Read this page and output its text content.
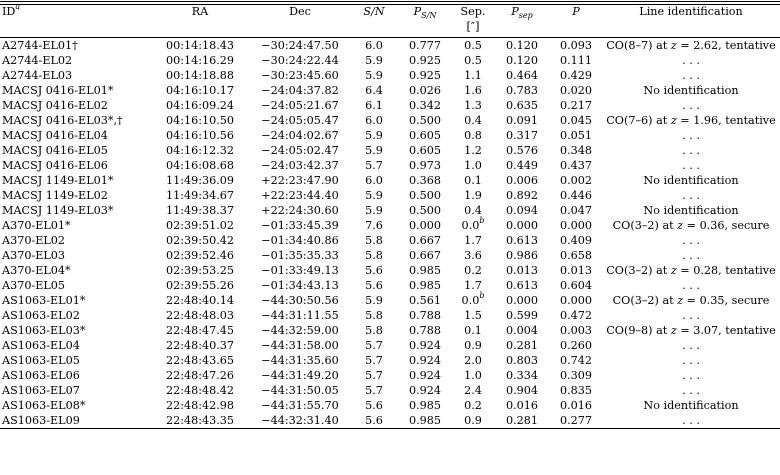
$ID^a$	RA	Dec	S/N	$P_{S/N}$	Sep.	$P_{sep}$	P	Line identification
					[″]			
A2744-EL01†	00:14:18.43	−30:24:47.50	6.0	0.777	0.5	0.120	0.093	CO(8–7) at z = 2.62, tentative
A2744-EL02	00:14:16.29	−30:24:22.44	5.9	0.925	0.5	0.120	0.111	. . .
A2744-EL03	00:14:18.88	−30:23:45.60	5.9	0.925	1.1	0.464	0.429	. . .
MACSJ 0416-EL01*	04:16:10.17	−24:04:37.82	6.4	0.026	1.6	0.783	0.020	No identification
MACSJ 0416-EL02	04:16:09.24	−24:05:21.67	6.1	0.342	1.3	0.635	0.217	. . .
MACSJ 0416-EL03*,†	04:16:10.50	−24:05:05.47	6.0	0.500	0.4	0.091	0.045	CO(7–6) at z = 1.96, tentative
MACSJ 0416-EL04	04:16:10.56	−24:04:02.67	5.9	0.605	0.8	0.317	0.051	. . .
MACSJ 0416-EL05	04:16:12.32	−24:05:02.47	5.9	0.605	1.2	0.576	0.348	. . .
MACSJ 0416-EL06	04:16:08.68	−24:03:42.37	5.7	0.973	1.0	0.449	0.437	. . .
MACSJ 1149-EL01*	11:49:36.09	+22:23:47.90	6.0	0.368	0.1	0.006	0.002	No identification
MACSJ 1149-EL02	11:49:34.67	+22:23:44.40	5.9	0.500	1.9	0.892	0.446	. . .
MACSJ 1149-EL03*	11:49:38.37	+22:24:30.60	5.9	0.500	0.4	0.094	0.047	No identification
A370-EL01*	02:39:51.02	−01:33:45.39	7.6	0.000	0.0$^b$	0.000	0.000	CO(3–2) at z = 0.36, secure
A370-EL02	02:39:50.42	−01:34:40.86	5.8	0.667	1.7	0.613	0.409	. . .
A370-EL03	02:39:52.46	−01:35:35.33	5.8	0.667	3.6	0.986	0.658	. . .
A370-EL04*	02:39:53.25	−01:33:49.13	5.6	0.985	0.2	0.013	0.013	CO(3–2) at z = 0.28, tentative
A370-EL05	02:39:55.26	−01:34:43.13	5.6	0.985	1.7	0.613	0.604	. . .
AS1063-EL01*	22:48:40.14	−44:30:50.56	5.9	0.561	0.0$^b$	0.000	0.000	CO(3–2) at z = 0.35, secure
AS1063-EL02	22:48:48.03	−44:31:11.55	5.8	0.788	1.5	0.599	0.472	. . .
AS1063-EL03*	22:48:47.45	−44:32:59.00	5.8	0.788	0.1	0.004	0.003	CO(9–8) at z = 3.07, tentative
AS1063-EL04	22:48:40.37	−44:31:58.00	5.7	0.924	0.9	0.281	0.260	. . .
AS1063-EL05	22:48:43.65	−44:31:35.60	5.7	0.924	2.0	0.803	0.742	. . .
AS1063-EL06	22:48:47.26	−44:31:49.20	5.7	0.924	1.0	0.334	0.309	. . .
AS1063-EL07	22:48:48.42	−44:31:50.05	5.7	0.924	2.4	0.904	0.835	. . .
AS1063-EL08*	22:48:42.98	−44:31:55.70	5.6	0.985	0.2	0.016	0.016	No identification
AS1063-EL09	22:48:43.35	−44:32:31.40	5.6	0.985	0.9	0.281	0.277	. . .
